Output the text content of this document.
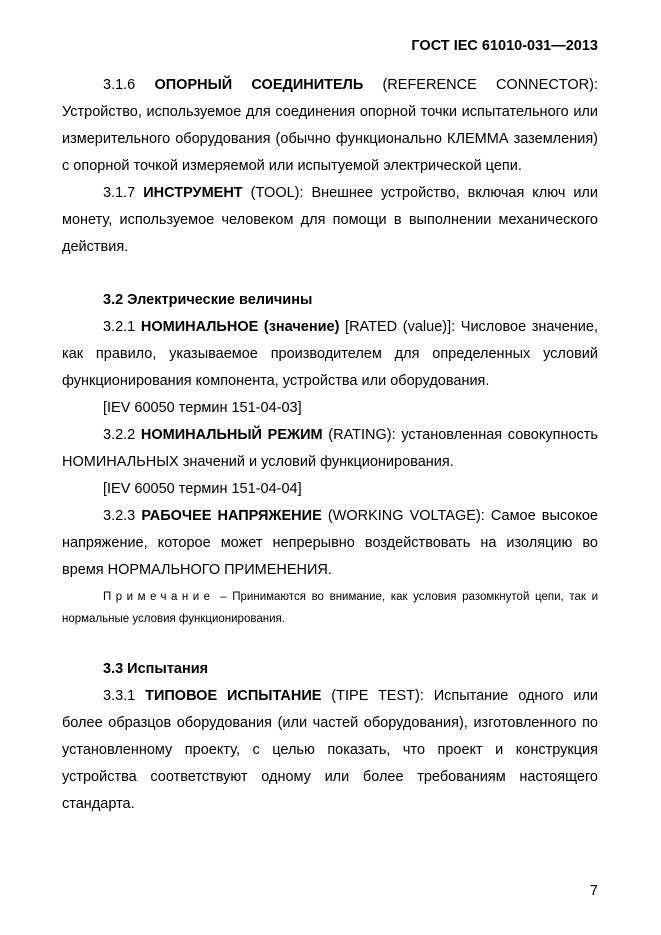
ГОСТ IEC 61010-031—2013

3.1.6 ОПОРНЫЙ СОЕДИНИТЕЛЬ (REFERENCE CONNECTOR): Устройство, используемое для соединения опорной точки испытательного или измерительного оборудования (обычно функционально КЛЕММА заземления) с опорной точкой измеряемой или испытуемой электрической цепи.

3.1.7 ИНСТРУМЕНТ (TOOL): Внешнее устройство, включая ключ или монету, используемое человеком для помощи в выполнении механического действия.

3.2 Электрические величины

3.2.1 НОМИНАЛЬНОЕ (значение) [RATED (value)]: Числовое значение, как правило, указываемое производителем для определенных условий функционирования компонента, устройства или оборудования.

[IEV 60050 термин 151-04-03]

3.2.2 НОМИНАЛЬНЫЙ РЕЖИМ (RATING): установленная совокупность НОМИНАЛЬНЫХ значений и условий функционирования.

[IEV 60050 термин 151-04-04]

3.2.3 РАБОЧЕЕ НАПРЯЖЕНИЕ (WORKING VOLTAGE): Самое высокое напряжение, которое может непрерывно воздействовать на изоляцию во время НОРМАЛЬНОГО ПРИМЕНЕНИЯ.

Примечание – Принимаются во внимание, как условия разомкнутой цепи, так и нормальные условия функционирования.

3.3 Испытания

3.3.1 ТИПОВОЕ ИСПЫТАНИЕ (TIPE TEST): Испытание одного или более образцов оборудования (или частей оборудования), изготовленного по установленному проекту, с целью показать, что проект и конструкция устройства соответствуют одному или более требованиям настоящего стандарта.

7
